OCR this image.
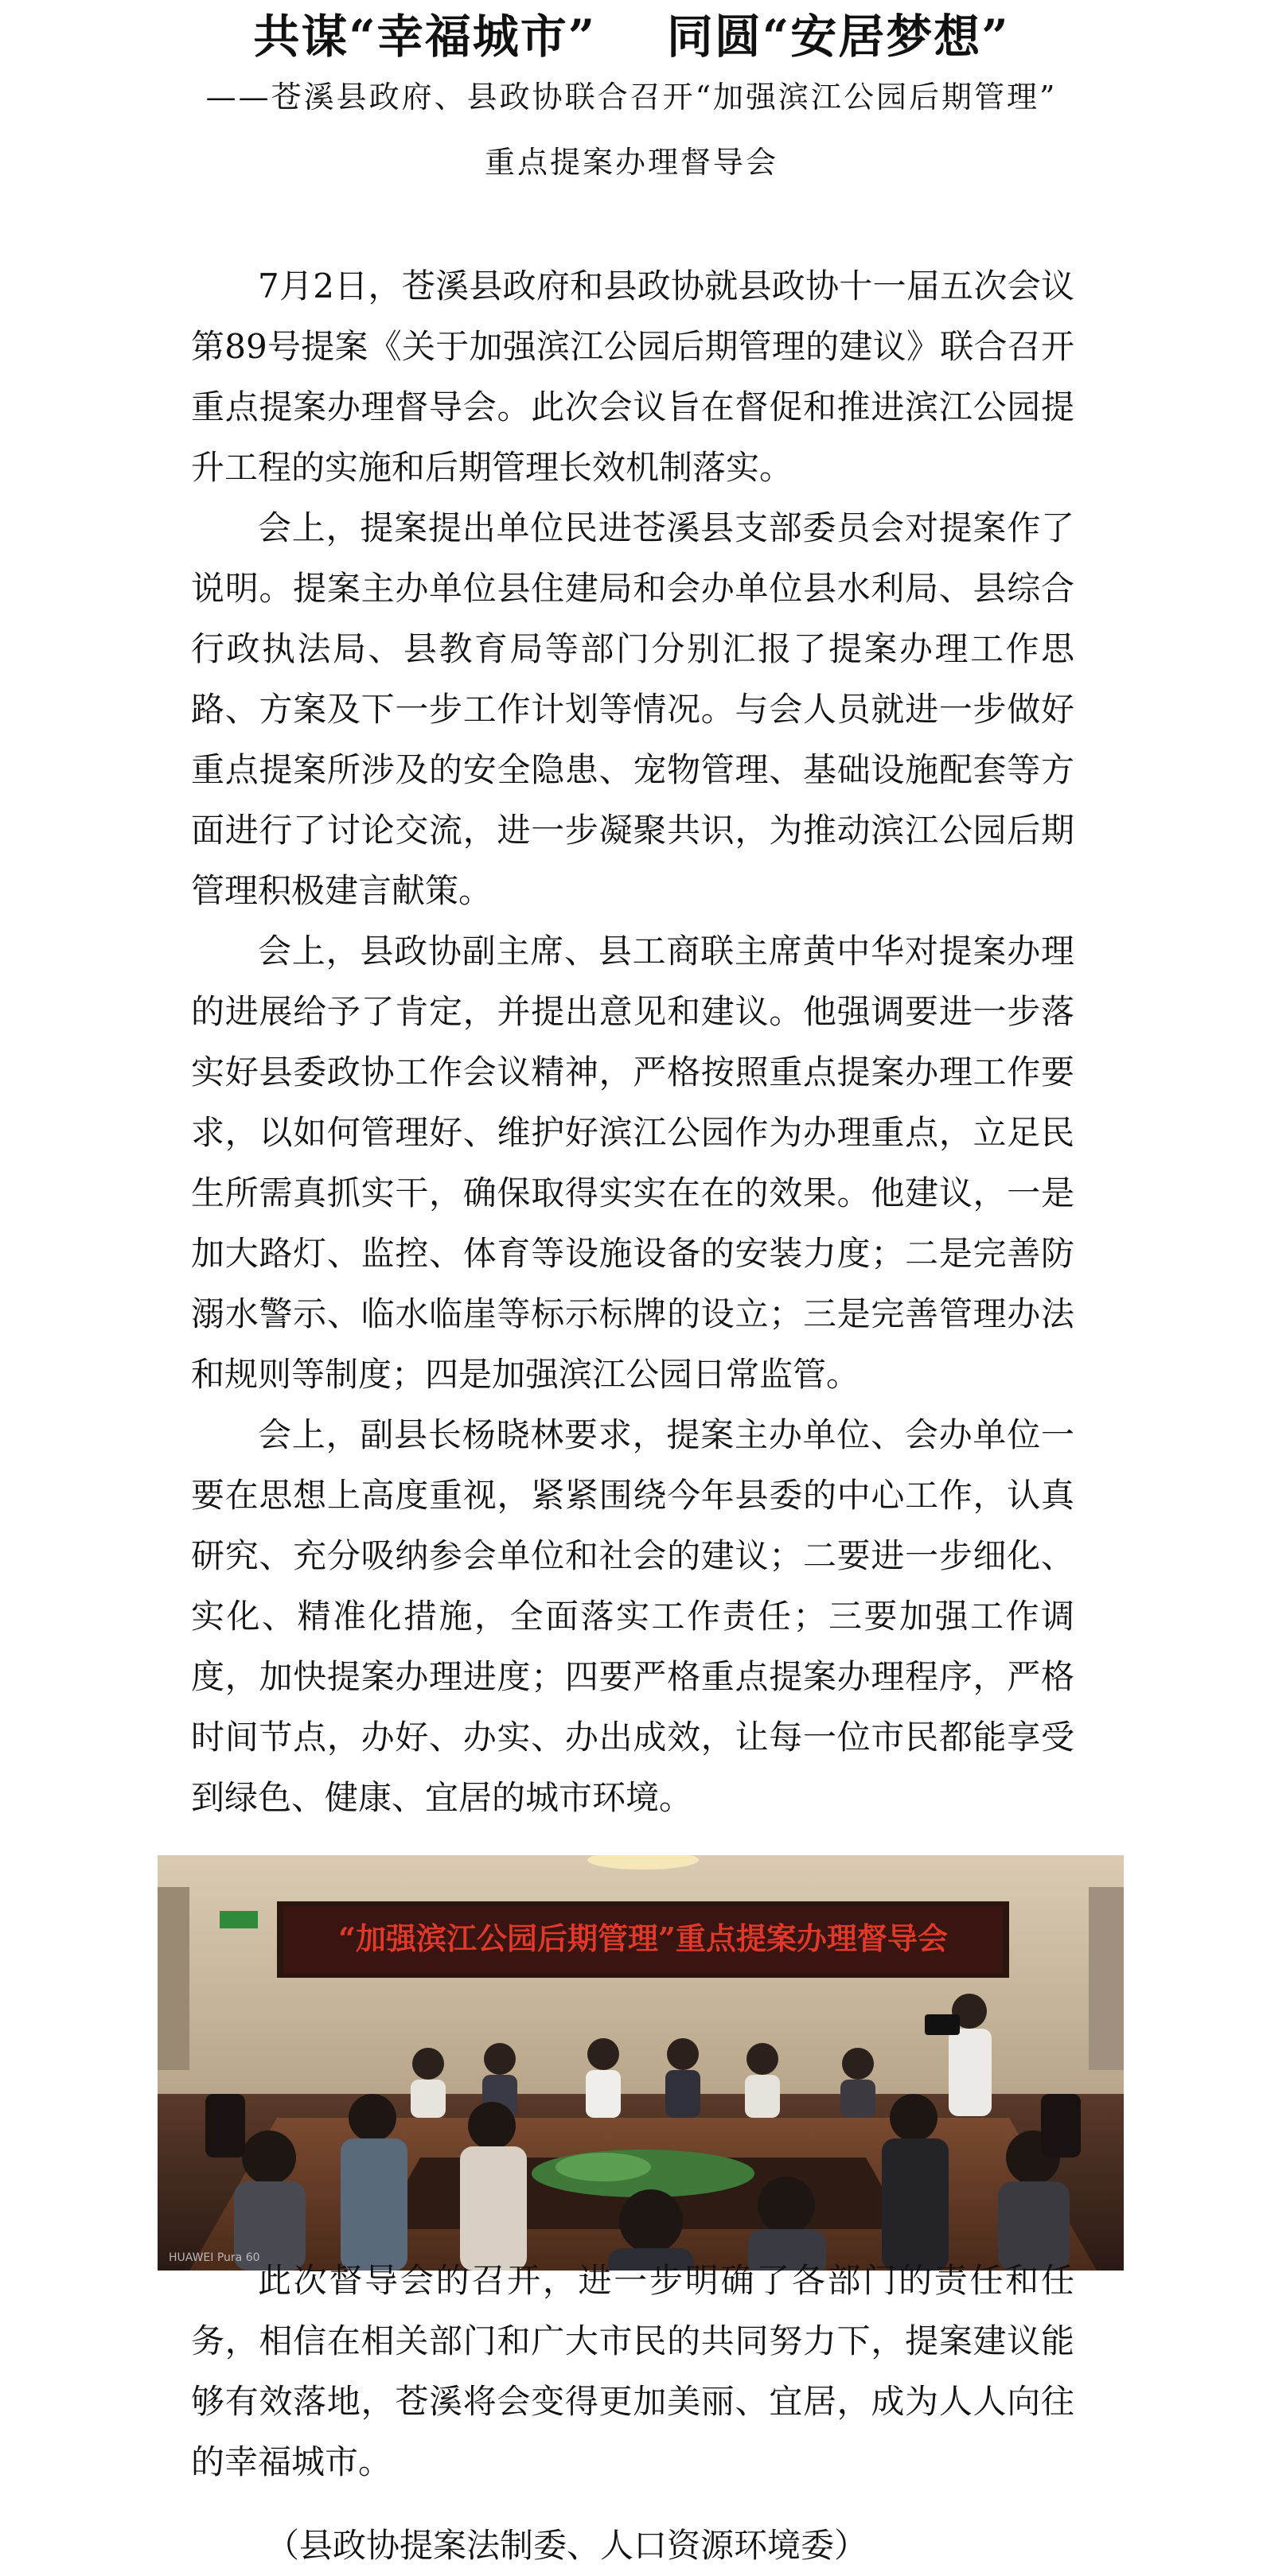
共谋“幸福城市”    同圆“安居梦想”

——苍溪县政府、县政协联合召开“加强滨江公园后期管理”

重点提案办理督导会

7月2日，苍溪县政府和县政协就县政协十一届五次会议第89号提案《关于加强滨江公园后期管理的建议》联合召开重点提案办理督导会。此次会议旨在督促和推进滨江公园提升工程的实施和后期管理长效机制落实。

会上，提案提出单位民进苍溪县支部委员会对提案作了说明。提案主办单位县住建局和会办单位县水利局、县综合行政执法局、县教育局等部门分别汇报了提案办理工作思路、方案及下一步工作计划等情况。与会人员就进一步做好重点提案所涉及的安全隐患、宠物管理、基础设施配套等方面进行了讨论交流，进一步凝聚共识，为推动滨江公园后期管理积极建言献策。

会上，县政协副主席、县工商联主席黄中华对提案办理的进展给予了肯定，并提出意见和建议。他强调要进一步落实好县委政协工作会议精神，严格按照重点提案办理工作要求，以如何管理好、维护好滨江公园作为办理重点，立足民生所需真抓实干，确保取得实实在在的效果。他建议，一是加大路灯、监控、体育等设施设备的安装力度；二是完善防溺水警示、临水临崖等标示标牌的设立；三是完善管理办法和规则等制度；四是加强滨江公园日常监管。

会上，副县长杨晓林要求，提案主办单位、会办单位一要在思想上高度重视，紧紧围绕今年县委的中心工作，认真研究、充分吸纳参会单位和社会的建议；二要进一步细化、实化、精准化措施，全面落实工作责任；三要加强工作调度，加快提案办理进度；四要严格重点提案办理程序，严格时间节点，办好、办实、办出成效，让每一位市民都能享受到绿色、健康、宜居的城市环境。

“加强滨江公园后期管理”重点提案办理督导会
HUAWEI Pura 60

此次督导会的召开，进一步明确了各部门的责任和任务，相信在相关部门和广大市民的共同努力下，提案建议能够有效落地，苍溪将会变得更加美丽、宜居，成为人人向往的幸福城市。

（县政协提案法制委、人口资源环境委）
